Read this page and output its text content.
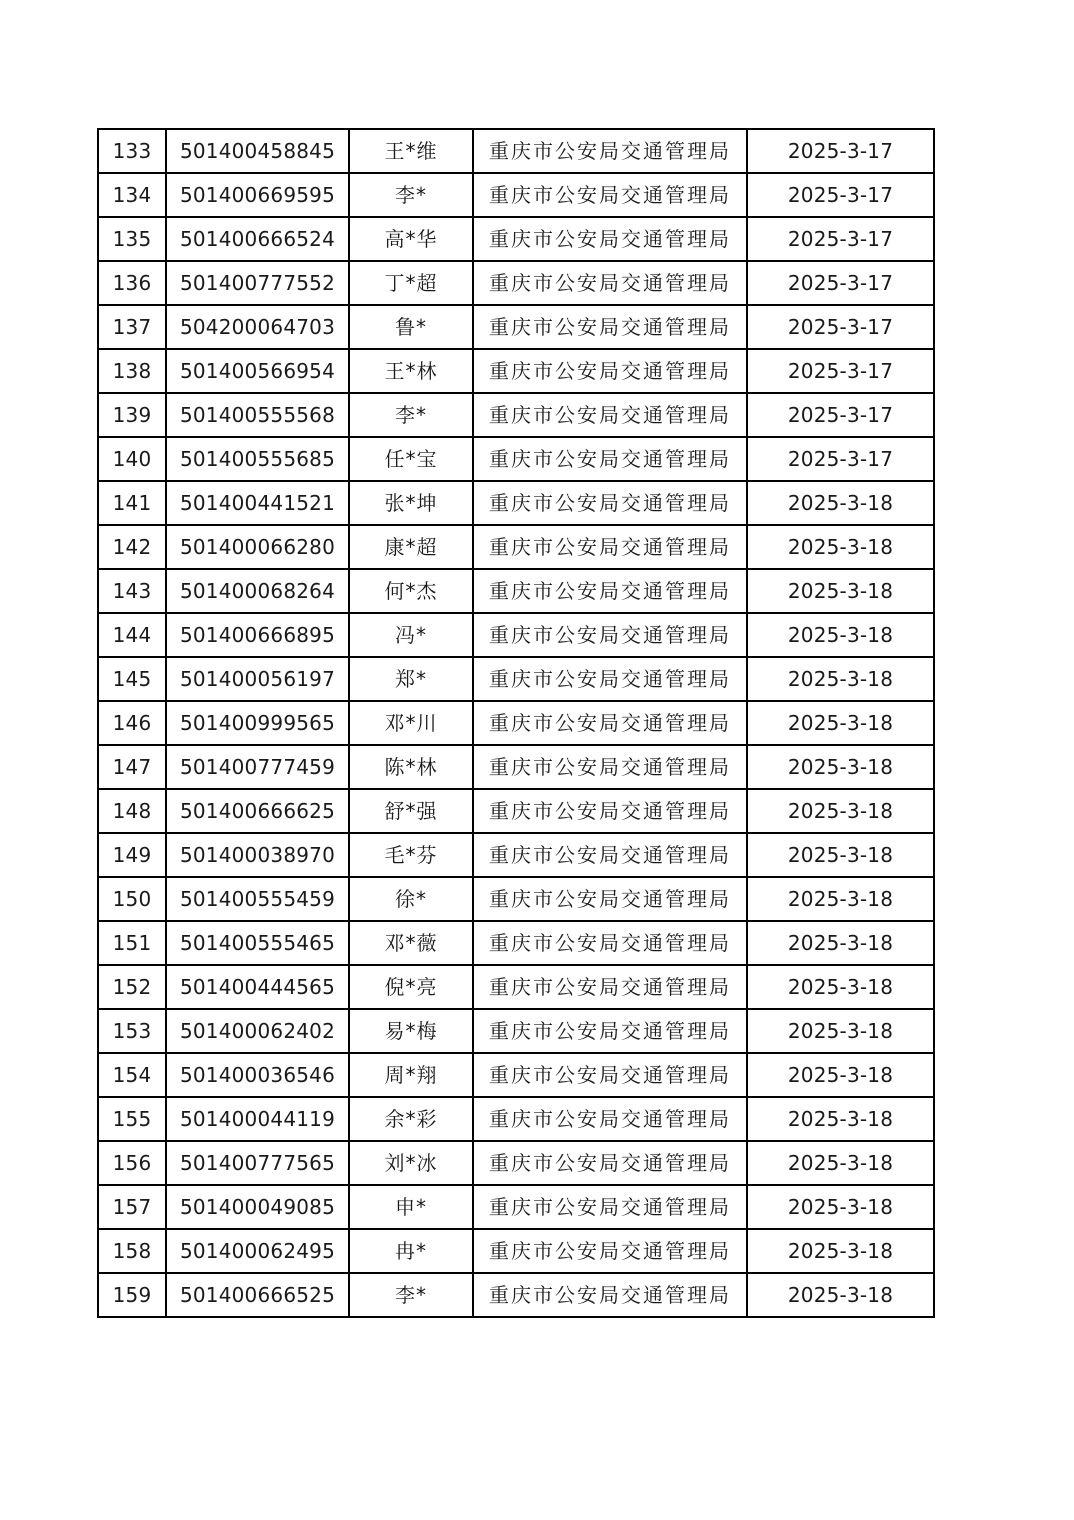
133	501400458845	王*维	重庆市公安局交通管理局	2025-3-17
134	501400669595	李*	重庆市公安局交通管理局	2025-3-17
135	501400666524	高*华	重庆市公安局交通管理局	2025-3-17
136	501400777552	丁*超	重庆市公安局交通管理局	2025-3-17
137	504200064703	鲁*	重庆市公安局交通管理局	2025-3-17
138	501400566954	王*林	重庆市公安局交通管理局	2025-3-17
139	501400555568	李*	重庆市公安局交通管理局	2025-3-17
140	501400555685	任*宝	重庆市公安局交通管理局	2025-3-17
141	501400441521	张*坤	重庆市公安局交通管理局	2025-3-18
142	501400066280	康*超	重庆市公安局交通管理局	2025-3-18
143	501400068264	何*杰	重庆市公安局交通管理局	2025-3-18
144	501400666895	冯*	重庆市公安局交通管理局	2025-3-18
145	501400056197	郑*	重庆市公安局交通管理局	2025-3-18
146	501400999565	邓*川	重庆市公安局交通管理局	2025-3-18
147	501400777459	陈*林	重庆市公安局交通管理局	2025-3-18
148	501400666625	舒*强	重庆市公安局交通管理局	2025-3-18
149	501400038970	毛*芬	重庆市公安局交通管理局	2025-3-18
150	501400555459	徐*	重庆市公安局交通管理局	2025-3-18
151	501400555465	邓*薇	重庆市公安局交通管理局	2025-3-18
152	501400444565	倪*亮	重庆市公安局交通管理局	2025-3-18
153	501400062402	易*梅	重庆市公安局交通管理局	2025-3-18
154	501400036546	周*翔	重庆市公安局交通管理局	2025-3-18
155	501400044119	余*彩	重庆市公安局交通管理局	2025-3-18
156	501400777565	刘*冰	重庆市公安局交通管理局	2025-3-18
157	501400049085	申*	重庆市公安局交通管理局	2025-3-18
158	501400062495	冉*	重庆市公安局交通管理局	2025-3-18
159	501400666525	李*	重庆市公安局交通管理局	2025-3-18
